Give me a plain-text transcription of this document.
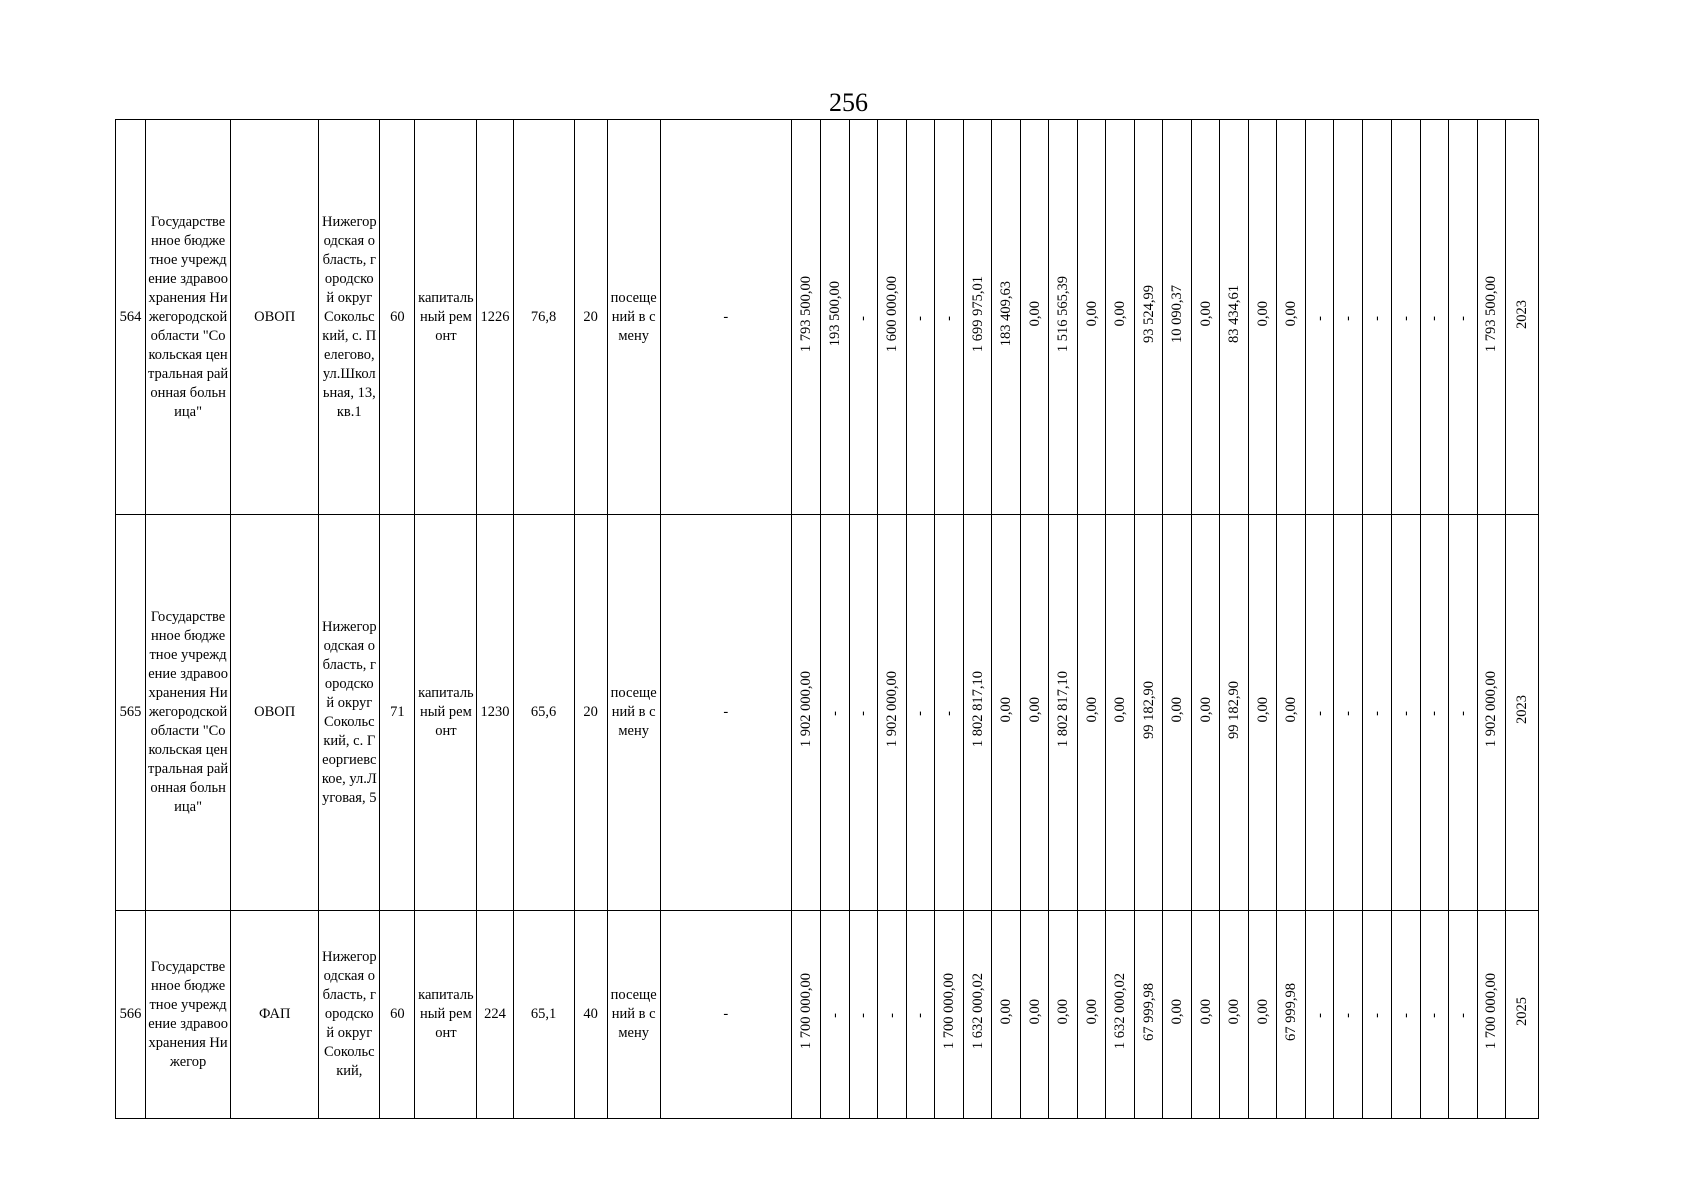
256
564	Государственное бюджетное учреждение здравоохранения Нижегородской области "Сокольская центральная районная больница"	ОВОП	Нижегородская область, городской округ Сокольский, с. Пелегово, ул.Школьная, 13, кв.1	60	капитальный ремонт	1226	76,8	20	посещений в смену	-	1 793 500,00	193 500,00	-	1 600 000,00	-	-	1 699 975,01	183 409,63	0,00	1 516 565,39	0,00	0,00	93 524,99	10 090,37	0,00	83 434,61	0,00	0,00	-	-	-	-	-	-	1 793 500,00	2023
565	Государственное бюджетное учреждение здравоохранения Нижегородской области "Сокольская центральная районная больница"	ОВОП	Нижегородская область, городской округ Сокольский, с. Георгиевское, ул.Луговая, 5	71	капитальный ремонт	1230	65,6	20	посещений в смену	-	1 902 000,00	-	-	1 902 000,00	-	-	1 802 817,10	0,00	0,00	1 802 817,10	0,00	0,00	99 182,90	0,00	0,00	99 182,90	0,00	0,00	-	-	-	-	-	-	1 902 000,00	2023
566	Государственное бюджетное учреждение здравоохранения Нижегор	ФАП	Нижегородская область, городской округ Сокольский,	60	капитальный ремонт	224	65,1	40	посещений в смену	-	1 700 000,00	-	-	-	-	1 700 000,00	1 632 000,02	0,00	0,00	0,00	0,00	1 632 000,02	67 999,98	0,00	0,00	0,00	0,00	67 999,98	-	-	-	-	-	-	1 700 000,00	2025
